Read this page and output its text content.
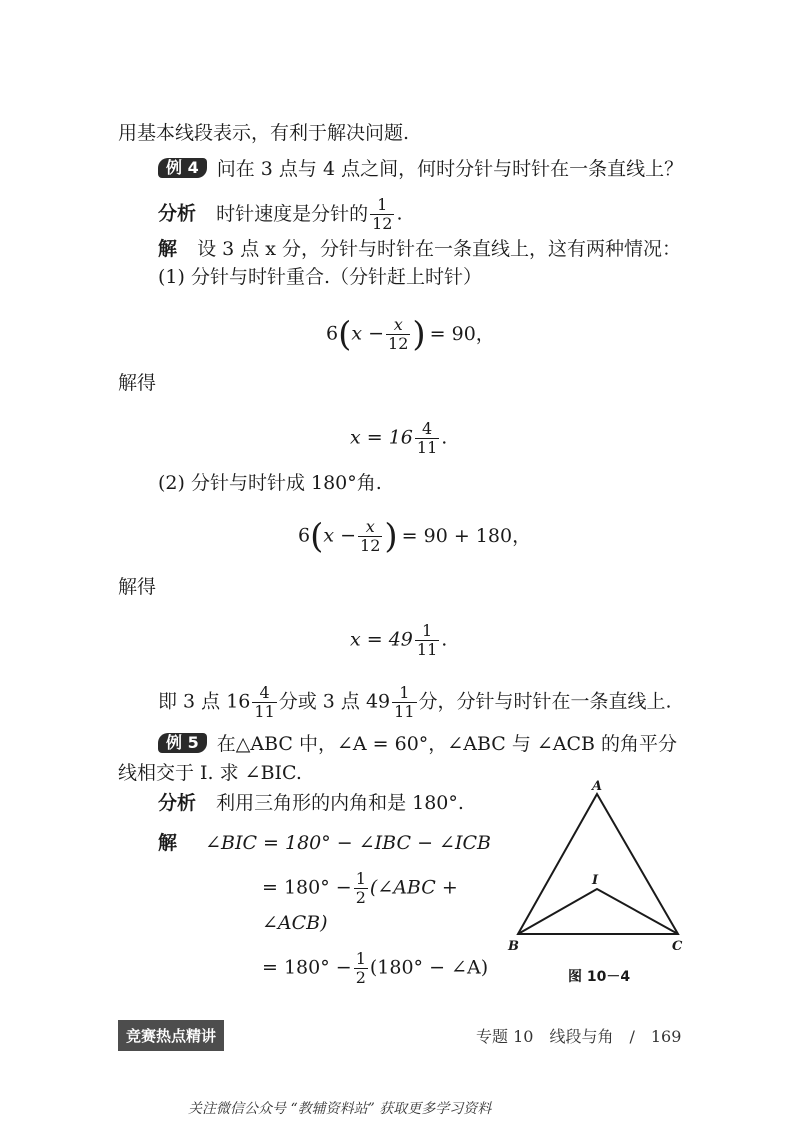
用基本线段表示，有利于解决问题.
例 4 问在 3 点与 4 点之间，何时分针与时针在一条直线上？
分析 时针速度是分针的 $\frac{1}{12}$ .
解 设 3 点 x 分，分针与时针在一条直线上，这有两种情况：
(1) 分针与时针重合.（分针赶上时针）
$6(x - \frac{x}{12}$ ) = 90，
解得
$x = 16 \frac{4}{11}$ .
(2) 分针与时针成 180°角.
$6(x - \frac{x}{12}$ ) = 90 + 180，
解得
$x = 49 \frac{1}{11}$ .
即 3 点 $16 \frac{4}{11}$ 分或 3 点 $49 \frac{1}{11}$ 分，分针与时针在一条直线上.
例 5 在△ABC 中，∠A = 60°，∠ABC 与 ∠ACB 的角平分
线相交于 I. 求 ∠BIC.
分析 利用三角形的内角和是 180°.
解 ∠BIC = 180° − ∠IBC − ∠ICB
= $180^\circ - \frac{1}{2}$ (∠ABC +
∠ACB)
= $180^\circ - \frac{1}{2} (180^\circ$ − ∠A)
A
B	C
I
图 10－4
竞赛热点精讲	专题 10　线段与角　/　169
关注微信公众号 “教辅资料站” 获取更多学习资料
